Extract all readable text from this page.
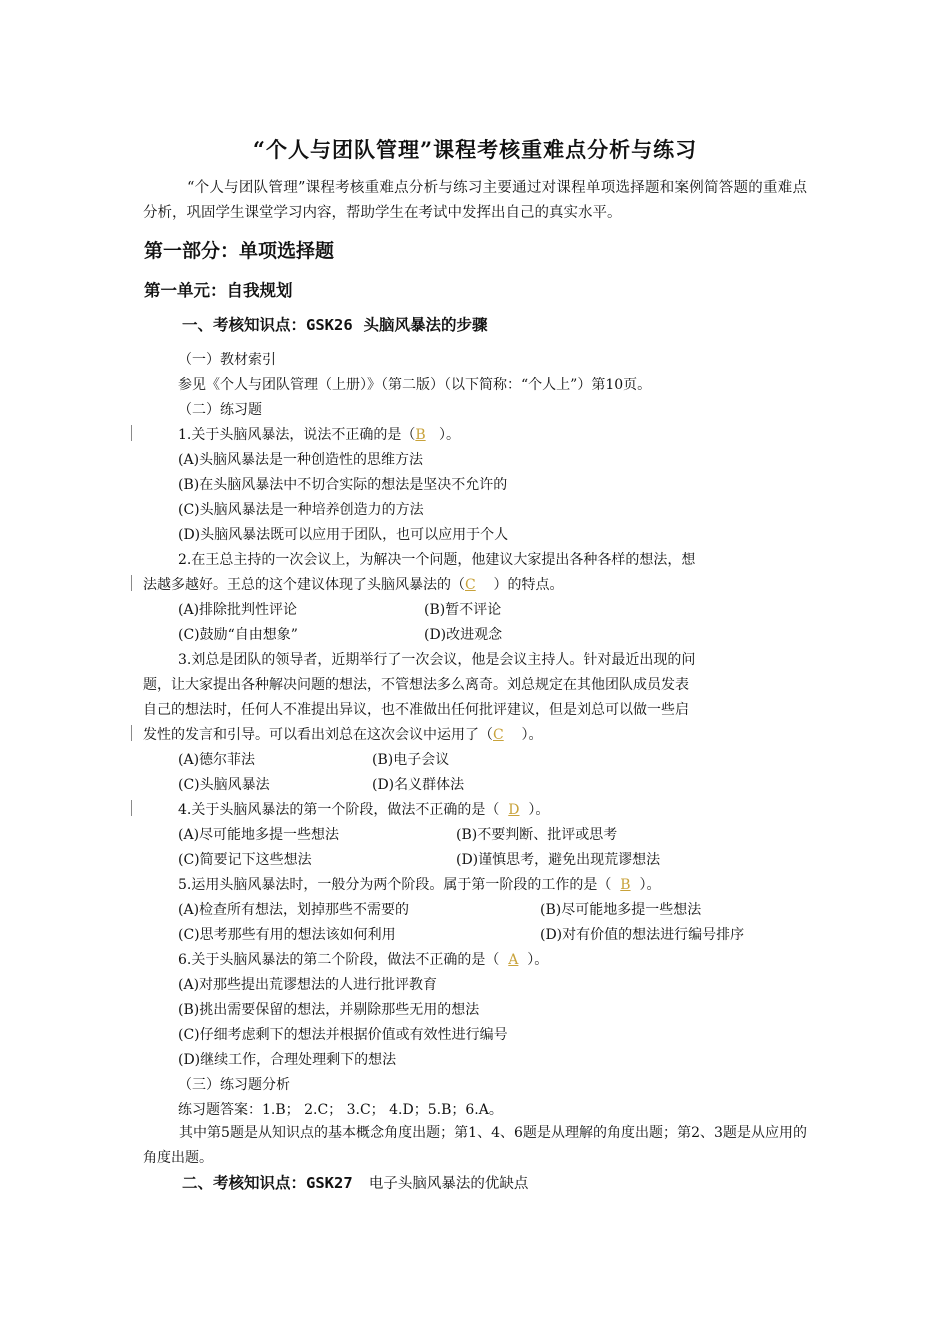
“个人与团队管理”课程考核重难点分析与练习
“个人与团队管理”课程考核重难点分析与练习主要通过对课程单项选择题和案例简答题的重难点分析，巩固学生课堂学习内容，帮助学生在考试中发挥出自己的真实水平。
第一部分：单项选择题
第一单元：自我规划
一、考核知识点：GSK26 头脑风暴法的步骤
（一）教材索引
参见《个人与团队管理（上册）》（第二版）（以下简称：“个人上”）第10页。
（二）练习题
1.关于头脑风暴法，说法不正确的是（B ）。
(A)头脑风暴法是一种创造性的思维方法
(B)在头脑风暴法中不切合实际的想法是坚决不允许的
(C)头脑风暴法是一种培养创造力的方法
(D)头脑风暴法既可以应用于团队，也可以应用于个人
2.在王总主持的一次会议上，为解决一个问题，他建议大家提出各种各样的想法，想
法越多越好。王总的这个建议体现了头脑风暴法的（C ）的特点。
(A)排除批判性评论	(B)暂不评论
(C)鼓励“自由想象”	(D)改进观念
3.刘总是团队的领导者，近期举行了一次会议，他是会议主持人。针对最近出现的问
题，让大家提出各种解决问题的想法，不管想法多么离奇。刘总规定在其他团队成员发表
自己的想法时，任何人不准提出异议，也不准做出任何批评建议，但是刘总可以做一些启
发性的发言和引导。可以看出刘总在这次会议中运用了（C ）。
(A)德尔菲法	(B)电子会议
(C)头脑风暴法	(D)名义群体法
4.关于头脑风暴法的第一个阶段，做法不正确的是（ D ）。
(A)尽可能地多提一些想法	(B)不要判断、批评或思考
(C)简要记下这些想法	(D)谨慎思考，避免出现荒谬想法
5.运用头脑风暴法时，一般分为两个阶段。属于第一阶段的工作的是（ B ）。
(A)检查所有想法，划掉那些不需要的	(B)尽可能地多提一些想法
(C)思考那些有用的想法该如何利用	(D)对有价值的想法进行编号排序
6.关于头脑风暴法的第二个阶段，做法不正确的是（ A ）。
(A)对那些提出荒谬想法的人进行批评教育
(B)挑出需要保留的想法，并剔除那些无用的想法
(C)仔细考虑剩下的想法并根据价值或有效性进行编号
(D)继续工作，合理处理剩下的想法
（三）练习题分析
练习题答案：1.B； 2.C； 3.C； 4.D；5.B；6.A。
其中第5题是从知识点的基本概念角度出题；第1、4、6题是从理解的角度出题；第2、3题是从应用的角度出题。
二、考核知识点：GSK27 电子头脑风暴法的优缺点
